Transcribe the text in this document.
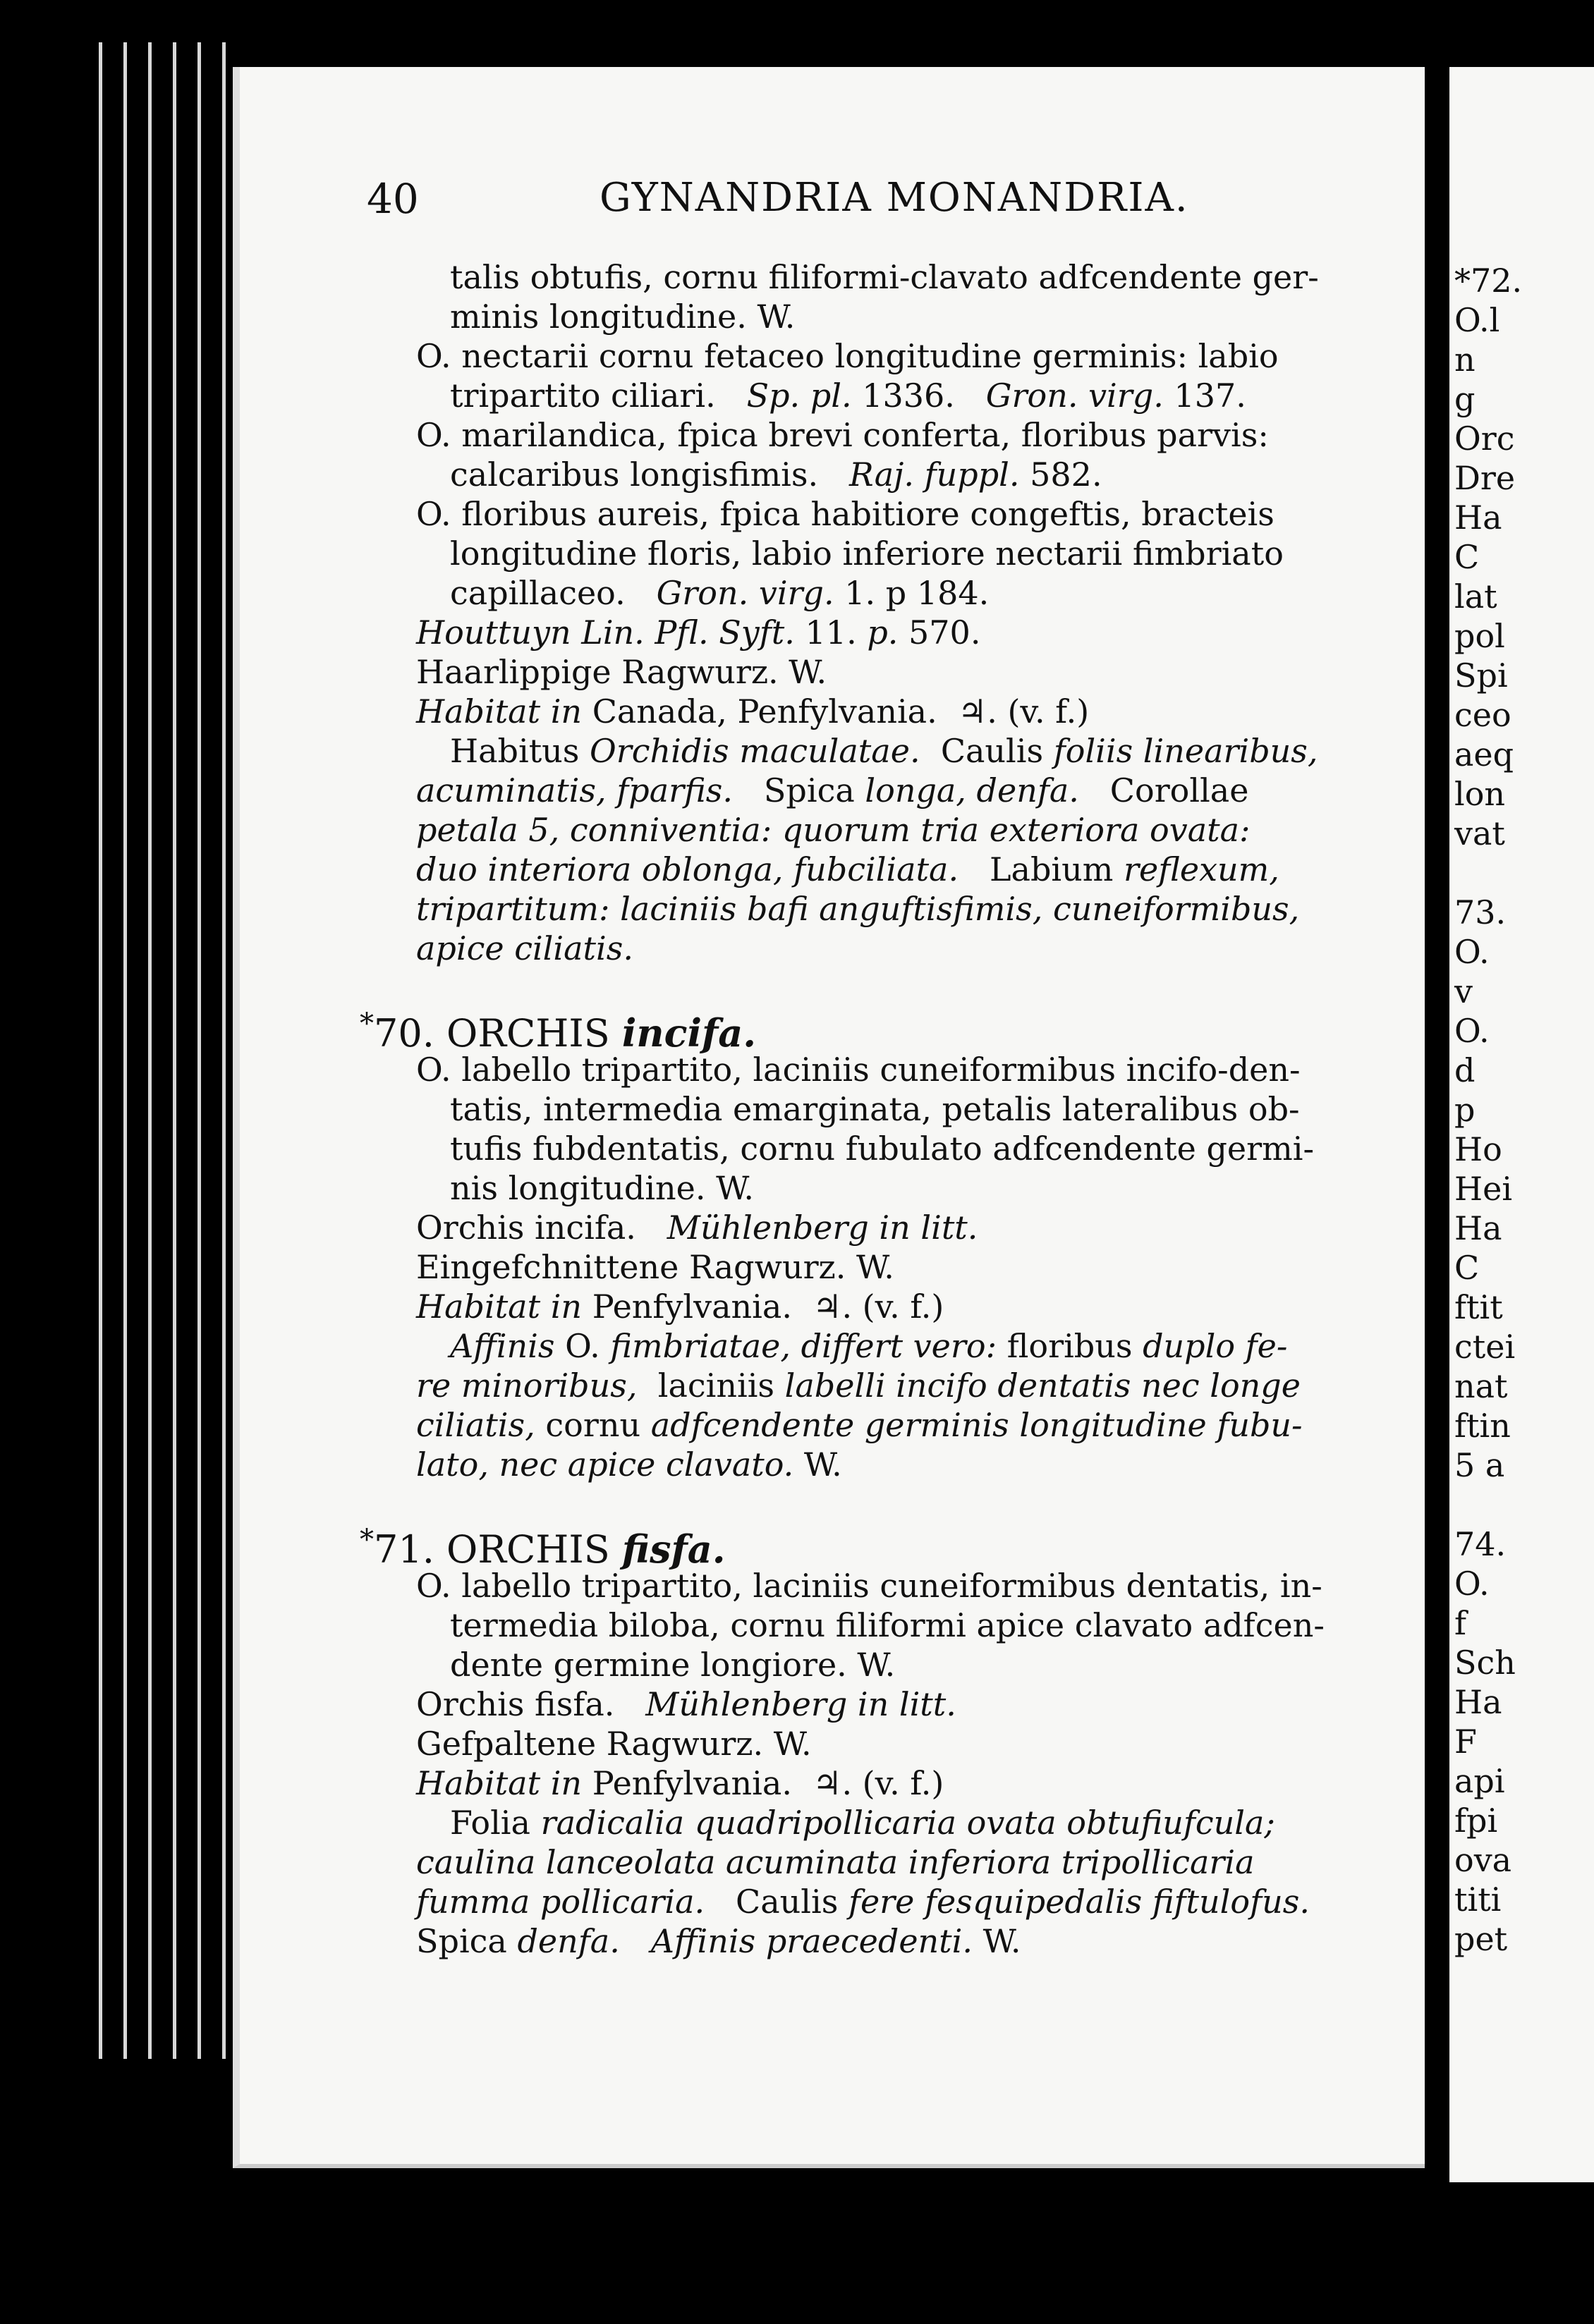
40	GYNANDRIA MONANDRIA.
talis obtufis, cornu filiformi-clavato adfcendente ger-
minis longitudine. W.
O. nectarii cornu fetaceo longitudine germinis: labio
tripartito ciliari. Sp. pl. 1336. Gron. virg. 137.
O. marilandica, fpica brevi conferta, floribus parvis:
calcaribus longisfimis. Raj. fuppl. 582.
O. floribus aureis, fpica habitiore congeftis, bracteis
longitudine floris, labio inferiore nectarii fimbriato
capillaceo. Gron. virg. 1. p 184.
Houttuyn Lin. Pfl. Syft. 11. p. 570.
Haarlippige Ragwurz. W.
Habitat in Canada, Penfylvania. ♃. (v. f.)
Habitus Orchidis maculatae. Caulis foliis linearibus,
acuminatis, fparfis. Spica longa, denfa. Corollae
petala 5, conniventia: quorum tria exteriora ovata:
duo interiora oblonga, fubciliata. Labium reflexum,
tripartitum: laciniis bafi anguftisfimis, cuneiformibus,
apice ciliatis.
*70. ORCHIS incifa.
O. labello tripartito, laciniis cuneiformibus incifo-den-
tatis, intermedia emarginata, petalis lateralibus ob-
tufis fubdentatis, cornu fubulato adfcendente germi-
nis longitudine. W.
Orchis incifa. Mühlenberg in litt.
Eingefchnittene Ragwurz. W.
Habitat in Penfylvania. ♃. (v. f.)
Affinis O. fimbriatae, differt vero: floribus duplo fe-
re minoribus, laciniis labelli incifo dentatis nec longe
ciliatis, cornu adfcendente germinis longitudine fubu-
lato, nec apice clavato. W.
*71. ORCHIS fisfa.
O. labello tripartito, laciniis cuneiformibus dentatis, in-
termedia biloba, cornu filiformi apice clavato adfcen-
dente germine longiore. W.
Orchis fisfa. Mühlenberg in litt.
Gefpaltene Ragwurz. W.
Habitat in Penfylvania. ♃. (v. f.)
Folia radicalia quadripollicaria ovata obtufiufcula;
caulina lanceolata acuminata inferiora tripollicaria
fumma pollicaria. Caulis fere fesquipedalis fiftulofus.
Spica denfa. Affinis praecedenti. W.
*72.
O.l
n
g
Orc
Dre
Ha
C
lat
pol
Spi
ceo
aeq
lon
vat
73.
O.
v
O.
d
p
Ho
Hei
Ha
C
ftit
ctei
nat
ftin
5 a
74.
O.
f
Sch
Ha
F
api
fpi
ova
titi
pet
